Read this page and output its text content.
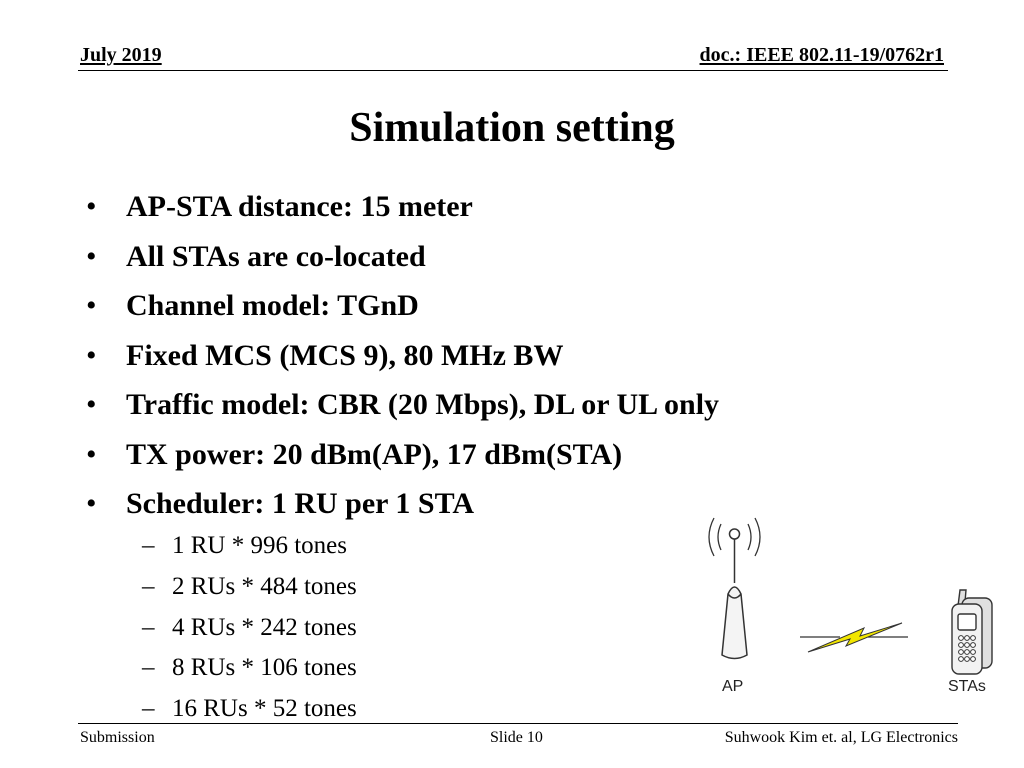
July 2019	doc.: IEEE 802.11-19/0762r1
Simulation setting
• AP-STA distance: 15 meter
• All STAs are co-located
• Channel model: TGnD
• Fixed MCS (MCS 9), 80 MHz BW
• Traffic model: CBR (20 Mbps), DL or UL only
• TX power: 20 dBm(AP), 17 dBm(STA)
• Scheduler: 1 RU per 1 STA
– 1 RU * 996 tones
– 2 RUs * 484 tones
– 4 RUs * 242 tones
– 8 RUs * 106 tones
– 16 RUs * 52 tones
AP	STAs
Submission	Slide 10	Suhwook Kim et. al, LG Electronics
